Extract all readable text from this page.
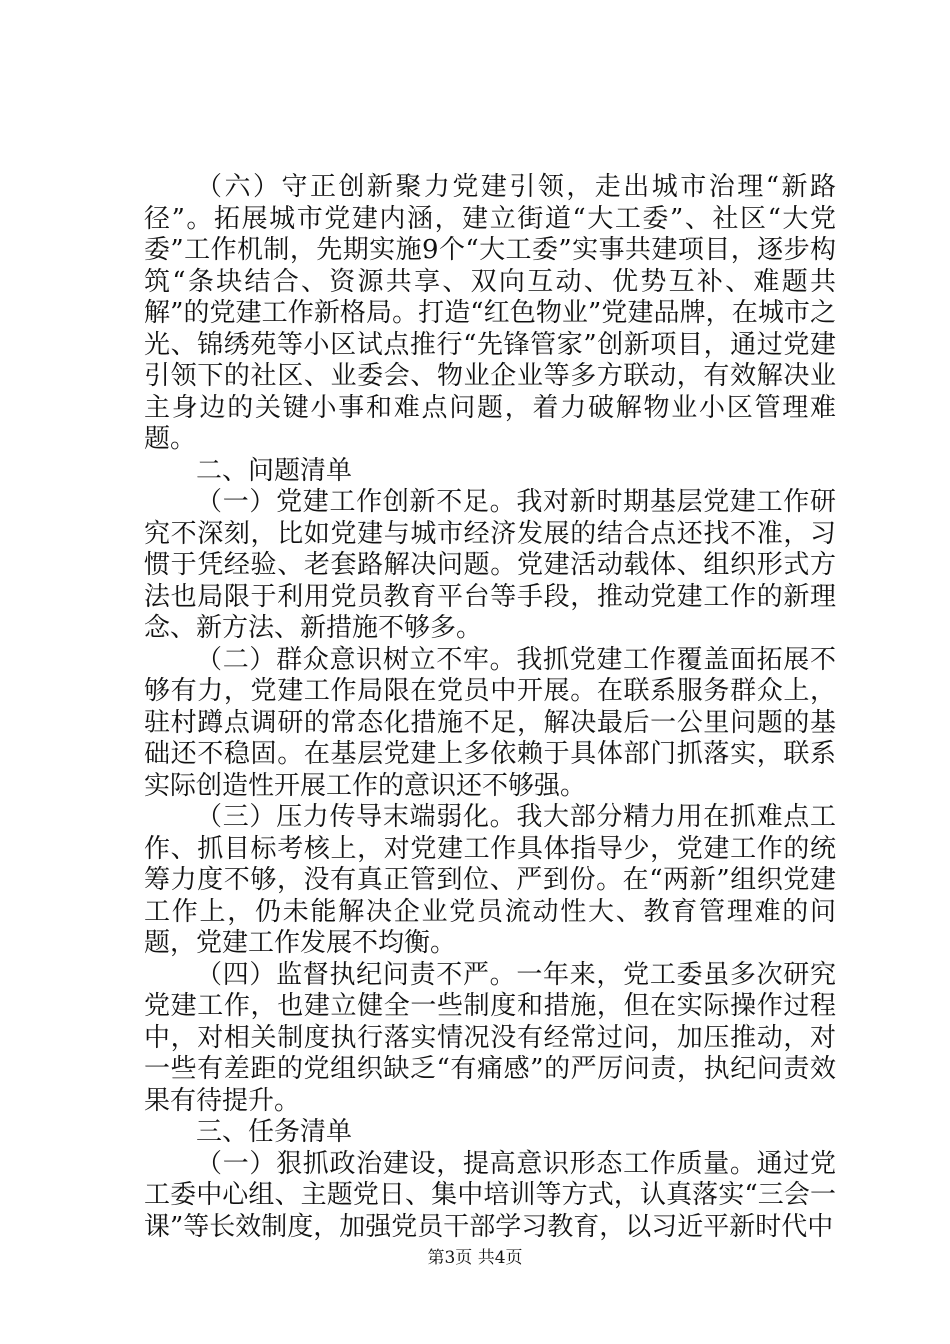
（六）守正创新聚力党建引领，走出城市治理“新路径”。拓展城市党建内涵，建立街道“大工委”、社区“大党委”工作机制，先期实施9个“大工委”实事共建项目，逐步构筑“条块结合、资源共享、双向互动、优势互补、难题共解”的党建工作新格局。打造“红色物业”党建品牌，在城市之光、锦绣苑等小区试点推行“先锋管家”创新项目，通过党建引领下的社区、业委会、物业企业等多方联动，有效解决业主身边的关键小事和难点问题，着力破解物业小区管理难题。

二、问题清单

（一）党建工作创新不足。我对新时期基层党建工作研究不深刻，比如党建与城市经济发展的结合点还找不准，习惯于凭经验、老套路解决问题。党建活动载体、组织形式方法也局限于利用党员教育平台等手段，推动党建工作的新理念、新方法、新措施不够多。

（二）群众意识树立不牢。我抓党建工作覆盖面拓展不够有力，党建工作局限在党员中开展。在联系服务群众上，驻村蹲点调研的常态化措施不足，解决最后一公里问题的基础还不稳固。在基层党建上多依赖于具体部门抓落实，联系实际创造性开展工作的意识还不够强。

（三）压力传导末端弱化。我大部分精力用在抓难点工作、抓目标考核上，对党建工作具体指导少，党建工作的统筹力度不够，没有真正管到位、严到份。在“两新”组织党建工作上，仍未能解决企业党员流动性大、教育管理难的问题，党建工作发展不均衡。

（四）监督执纪问责不严。一年来，党工委虽多次研究党建工作，也建立健全一些制度和措施，但在实际操作过程中，对相关制度执行落实情况没有经常过问，加压推动，对一些有差距的党组织缺乏“有痛感”的严厉问责，执纪问责效果有待提升。

三、任务清单

（一）狠抓政治建设，提高意识形态工作质量。通过党工委中心组、主题党日、集中培训等方式，认真落实“三会一课”等长效制度，加强党员干部学习教育，以习近平新时代中

第3页 共4页
